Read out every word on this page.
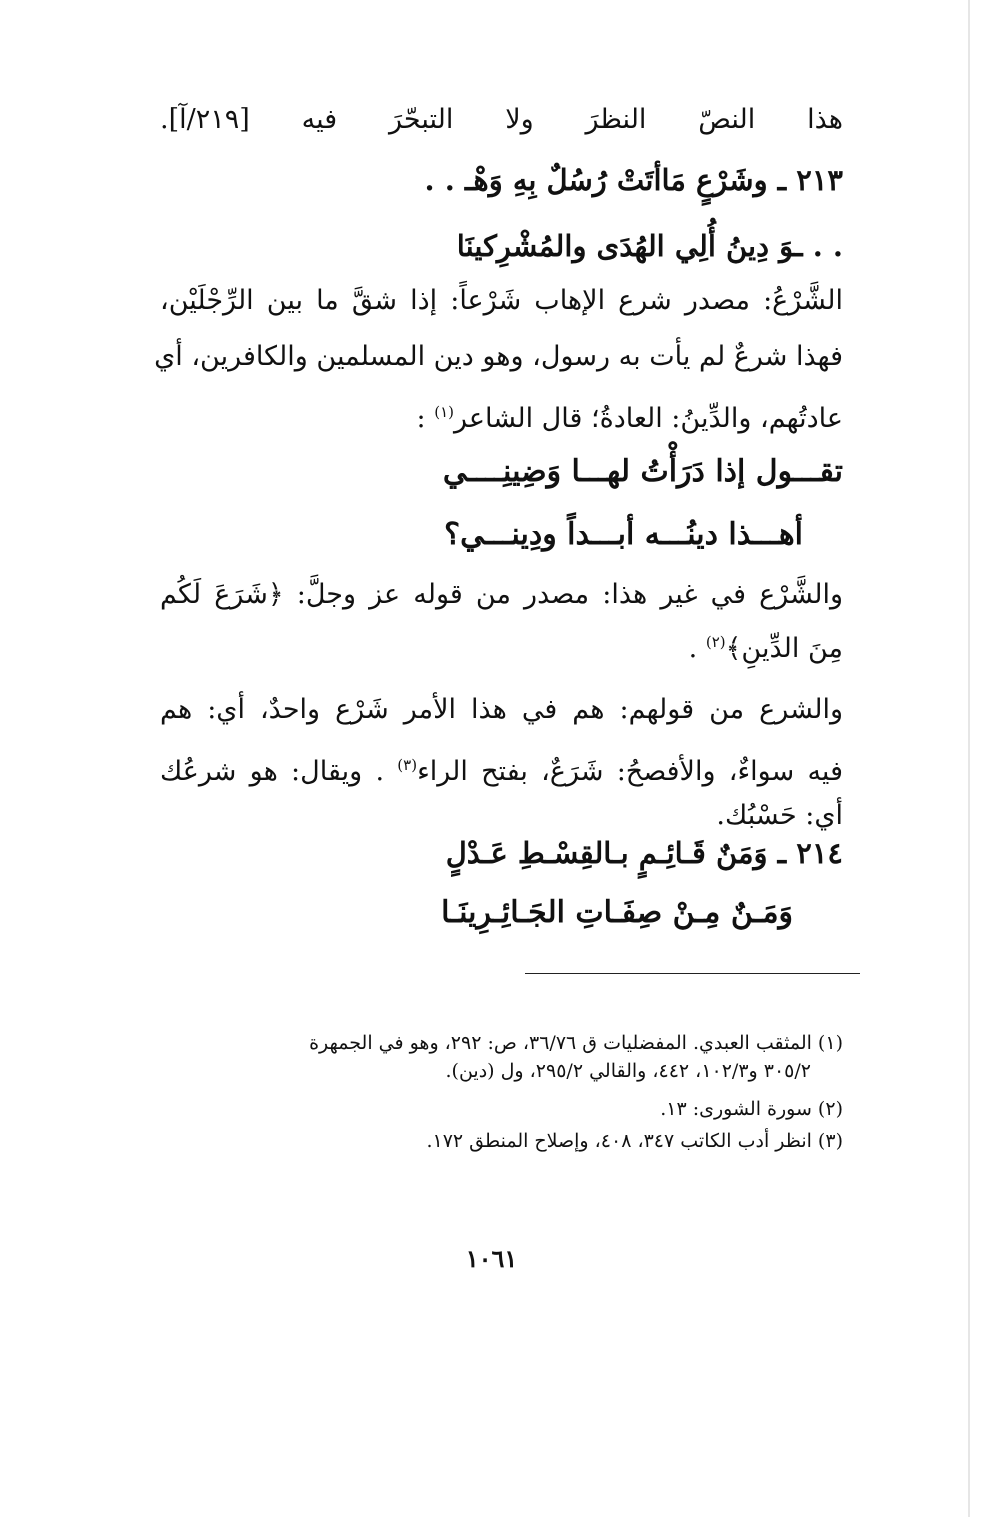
هذا النصّ النظرَ ولا التبحّرَ فيه [٢١٩/آ].
٢١٣ ـ وشَرْعٍ مَاأتَتْ رُسُلٌ بِهِ وَهْـ . .
. . ـوَ دِينُ أُلِي الهُدَى والمُشْرِكينَا
الشَّرْعُ: مصدر شرع الإهاب شَرْعاً: إذا شقَّ ما بين الرِّجْلَيْن،
فهذا شرعٌ لم يأت به رسول، وهو دين المسلمين والكافرين، أي
عادتُهم، والدِّينُ: العادةُ؛ قال الشاعر$^{(١)}$ :
تقـــول إذا دَرَأْتُ لهـــا وَضِينِــــي
أهـــذا دينُـــه أبـــداً ودِينـــي؟
والشَّرْع في غير هذا: مصدر من قوله عز وجلَّ: ﴿شَرَعَ لَكُم
مِنَ الدِّينِ﴾$^{(٢)}$ .
والشرع من قولهم: هم في هذا الأمر شَرْع واحدٌ، أي: هم
فيه سواءٌ، والأفصحُ: شَرَعٌ، بفتح الراء$^{(٣)}$ . ويقال: هو شرعُك
أي: حَسْبُك.
٢١٤ ـ وَمَنٌ قَـائِـمٍ بـالقِسْـطِ عَـدْلٍ
وَمَـنٌ مِـنْ صِفَـاتِ الجَـائِـرِينَـا
(١) المثقب العبدي. المفضليات ق ٣٦/٧٦، ص: ٢٩٢، وهو في الجمهرة
٣٠٥/٢ و١٠٢/٣، ٤٤٢، والقالي ٢٩٥/٢، ول (دين).
(٢) سورة الشورى: ١٣.
(٣) انظر أدب الكاتب ٣٤٧، ٤٠٨، وإصلاح المنطق ١٧٢.
١٠٦١
